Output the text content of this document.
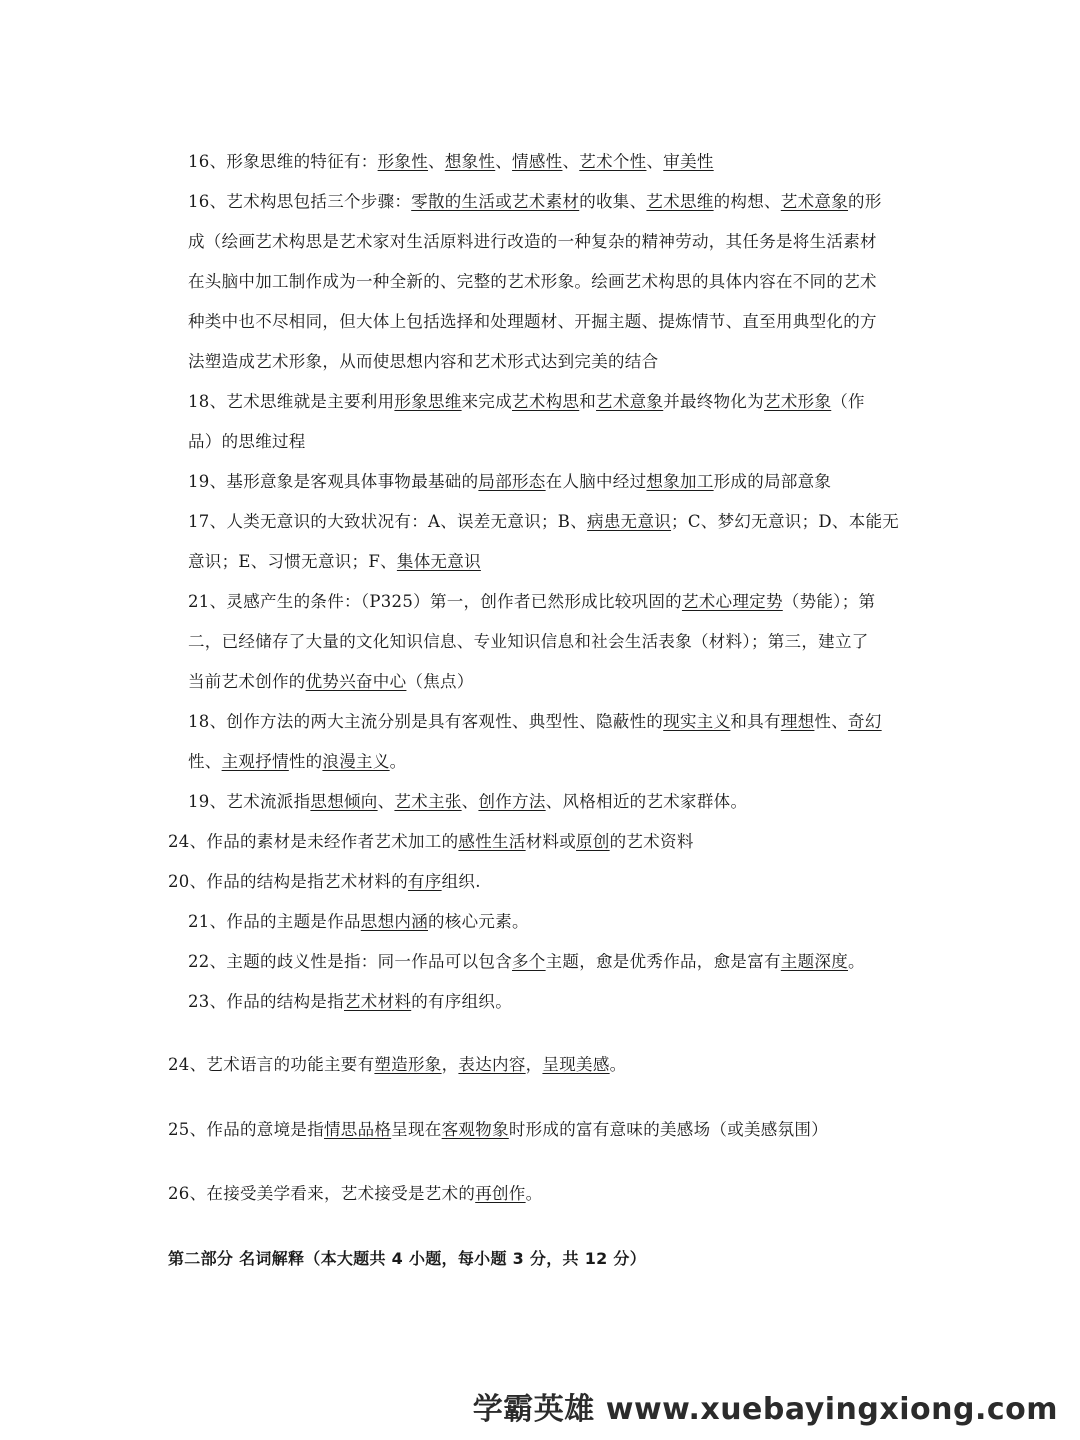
16、形象思维的特征有：形象性、想象性、情感性、艺术个性、审美性
16、艺术构思包括三个步骤：零散的生活或艺术素材的收集、艺术思维的构想、艺术意象的形
成（绘画艺术构思是艺术家对生活原料进行改造的一种复杂的精神劳动，其任务是将生活素材
在头脑中加工制作成为一种全新的、完整的艺术形象。绘画艺术构思的具体内容在不同的艺术
种类中也不尽相同，但大体上包括选择和处理题材、开掘主题、提炼情节、直至用典型化的方
法塑造成艺术形象，从而使思想内容和艺术形式达到完美的结合
18、艺术思维就是主要利用形象思维来完成艺术构思和艺术意象并最终物化为艺术形象（作
品）的思维过程
19、基形意象是客观具体事物最基础的局部形态在人脑中经过想象加工形成的局部意象
17、人类无意识的大致状况有：A、误差无意识；B、病患无意识；C、梦幻无意识；D、本能无
意识；E、习惯无意识；F、集体无意识
21、灵感产生的条件：（P325）第一，创作者已然形成比较巩固的艺术心理定势（势能）；第
二，已经储存了大量的文化知识信息、专业知识信息和社会生活表象（材料）；第三，建立了
当前艺术创作的优势兴奋中心（焦点）
18、创作方法的两大主流分别是具有客观性、典型性、隐蔽性的现实主义和具有理想性、奇幻
性、主观抒情性的浪漫主义。
19、艺术流派指思想倾向、艺术主张、创作方法、风格相近的艺术家群体。
24、作品的素材是未经作者艺术加工的感性生活材料或原创的艺术资料
20、作品的结构是指艺术材料的有序组织.
21、作品的主题是作品思想内涵的核心元素。
22、主题的歧义性是指：同一作品可以包含多个主题，愈是优秀作品，愈是富有主题深度。
23、作品的结构是指艺术材料的有序组织。
24、艺术语言的功能主要有塑造形象，表达内容，呈现美感。
25、作品的意境是指情思品格呈现在客观物象时形成的富有意味的美感场（或美感氛围）
26、在接受美学看来，艺术接受是艺术的再创作。
第二部分 名词解释（本大题共 4 小题，每小题 3 分，共 12 分）
学霸英雄 www.xuebayingxiong.com
